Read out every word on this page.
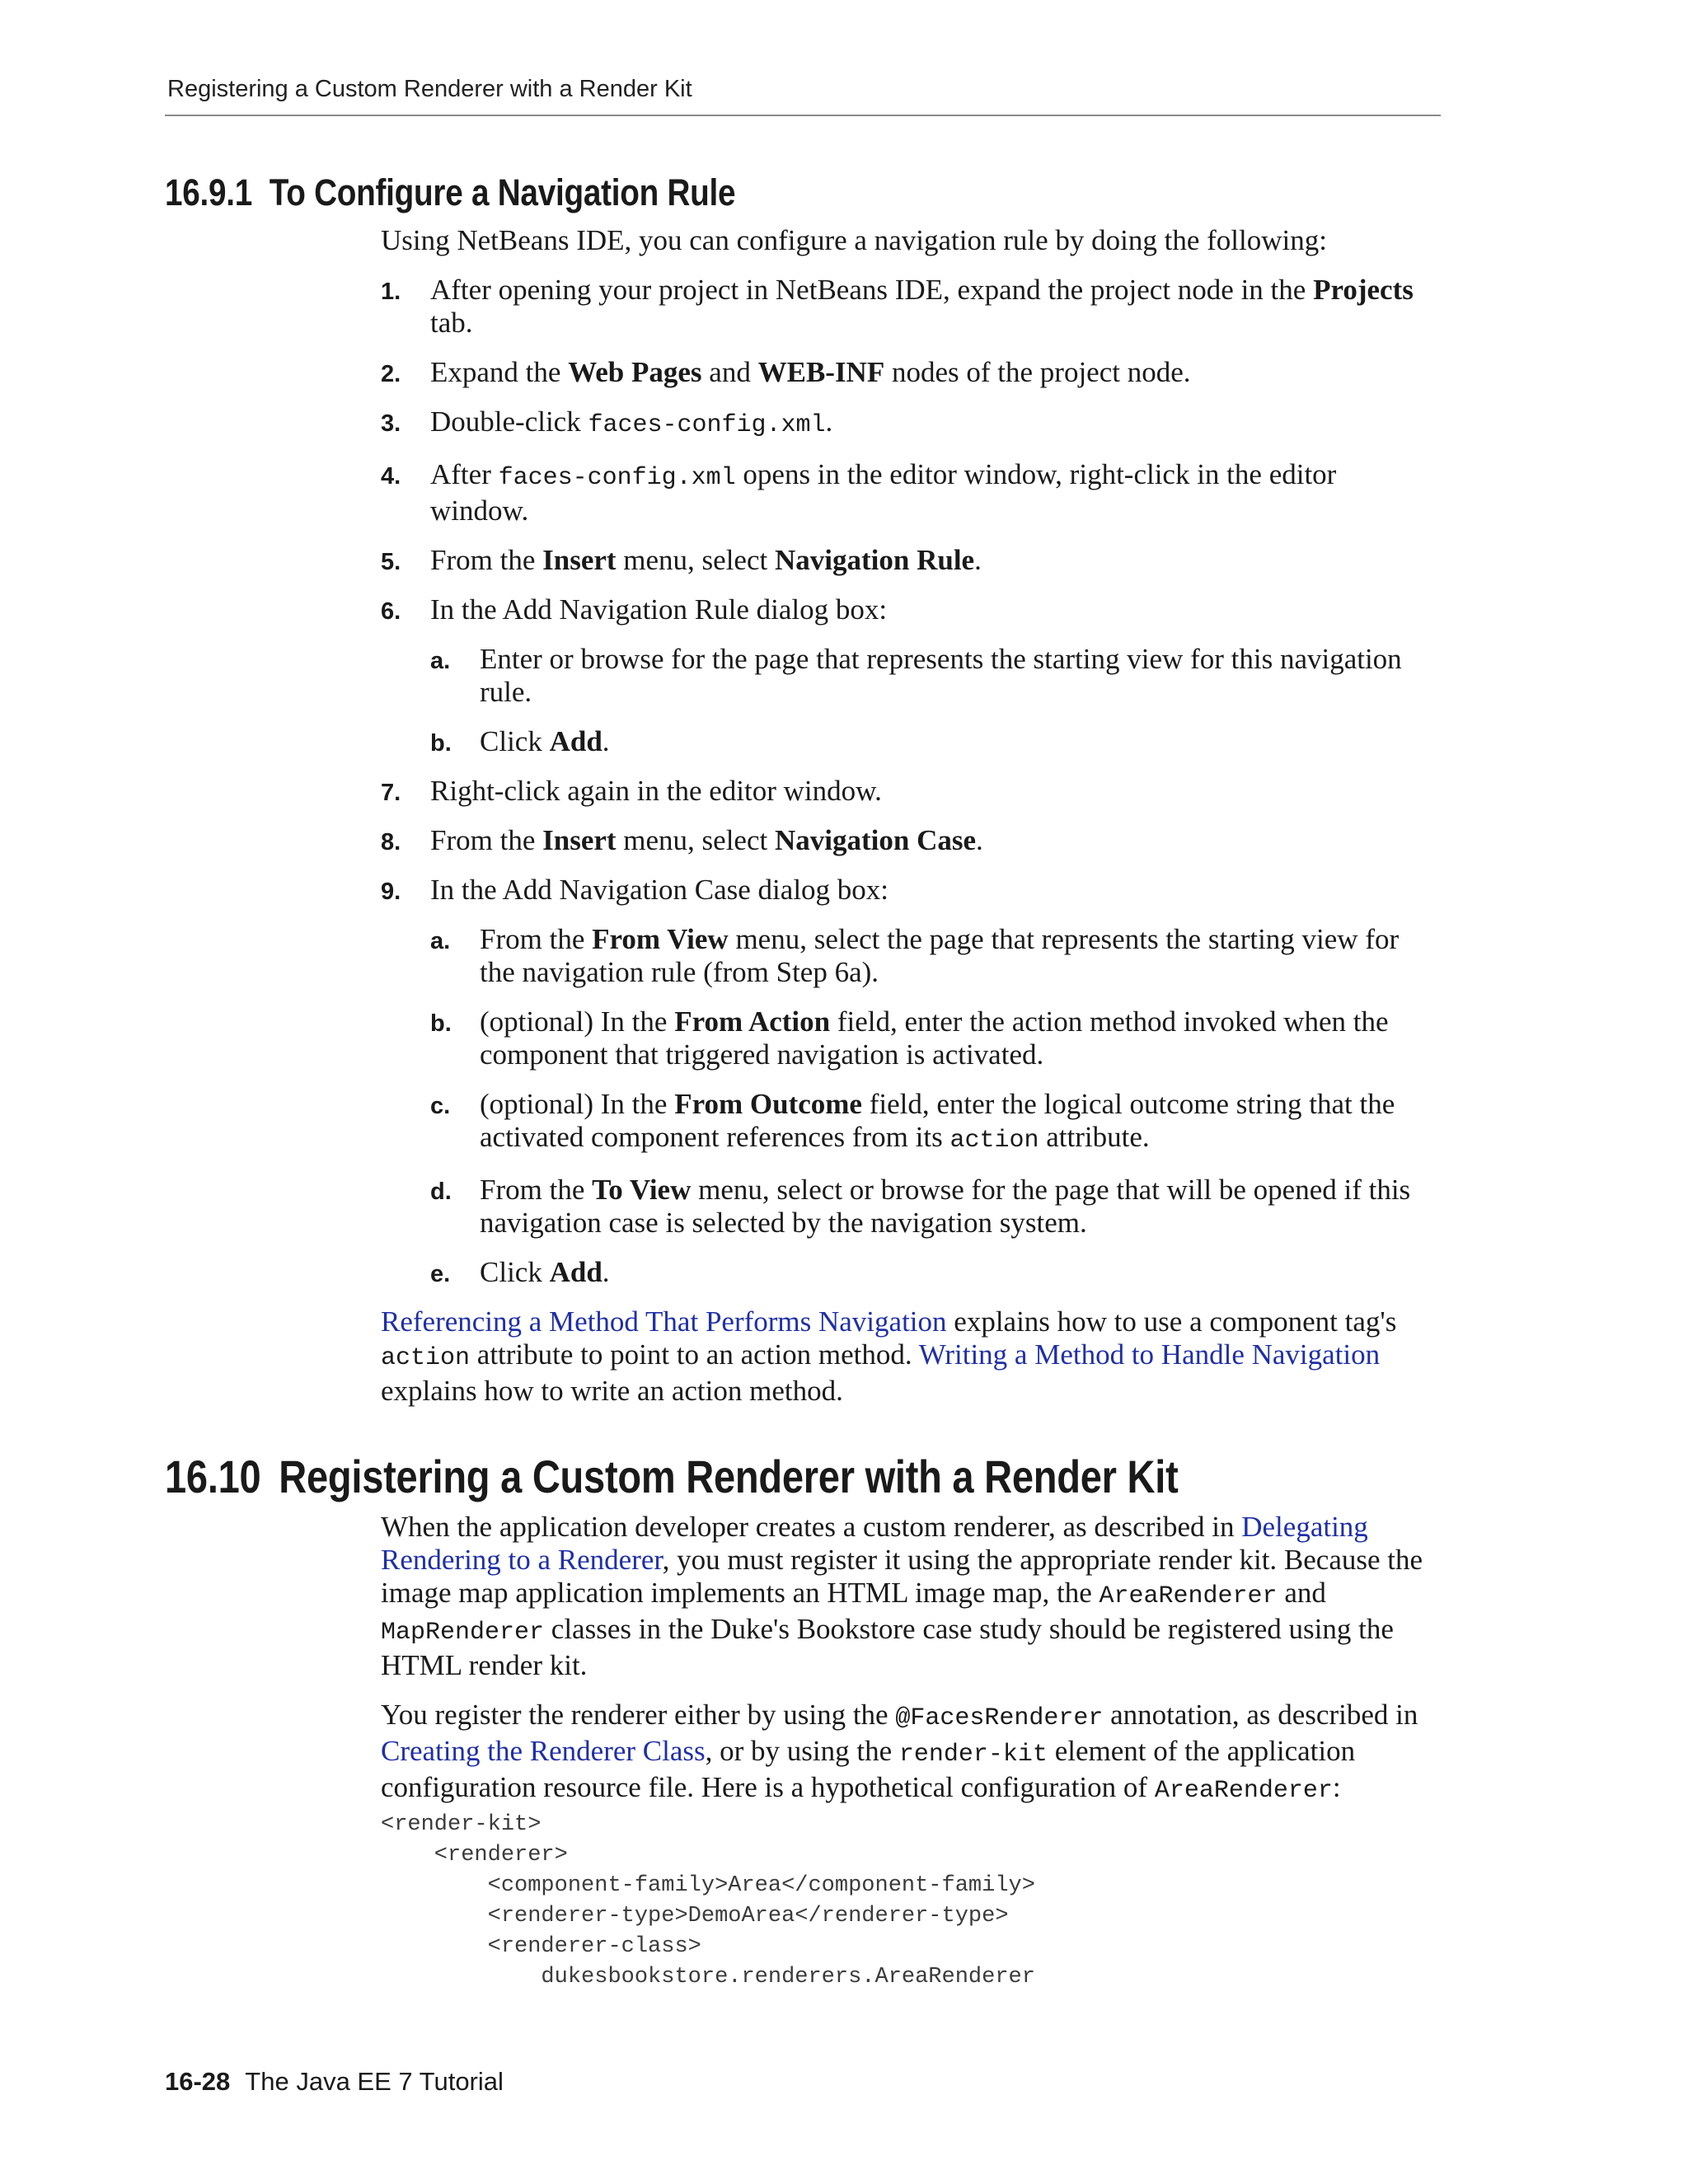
Registering a Custom Renderer with a Render Kit
16.9.1 To Configure a Navigation Rule

Using NetBeans IDE, you can configure a navigation rule by doing the following:

1. After opening your project in NetBeans IDE, expand the project node in the Projects tab.
2. Expand the Web Pages and WEB-INF nodes of the project node.
3. Double-click faces-config.xml.
4. After faces-config.xml opens in the editor window, right-click in the editor window.
5. From the Insert menu, select Navigation Rule.
6. In the Add Navigation Rule dialog box:
a. Enter or browse for the page that represents the starting view for this navigation rule.
b. Click Add.
7. Right-click again in the editor window.
8. From the Insert menu, select Navigation Case.
9. In the Add Navigation Case dialog box:
a. From the From View menu, select the page that represents the starting view for the navigation rule (from Step 6a).
b. (optional) In the From Action field, enter the action method invoked when the component that triggered navigation is activated.
c. (optional) In the From Outcome field, enter the logical outcome string that the activated component references from its action attribute.
d. From the To View menu, select or browse for the page that will be opened if this navigation case is selected by the navigation system.
e. Click Add.

Referencing a Method That Performs Navigation explains how to use a component tag's action attribute to point to an action method. Writing a Method to Handle Navigation explains how to write an action method.

16.10 Registering a Custom Renderer with a Render Kit

When the application developer creates a custom renderer, as described in Delegating Rendering to a Renderer, you must register it using the appropriate render kit. Because the image map application implements an HTML image map, the AreaRenderer and MapRenderer classes in the Duke's Bookstore case study should be registered using the HTML render kit.

You register the renderer either by using the @FacesRenderer annotation, as described in Creating the Renderer Class, or by using the render-kit element of the application configuration resource file. Here is a hypothetical configuration of AreaRenderer:

<render-kit>
<renderer>
<component-family>Area</component-family>
<renderer-type>DemoArea</renderer-type>
<renderer-class>
dukesbookstore.renderers.AreaRenderer
16-28 The Java EE 7 Tutorial
